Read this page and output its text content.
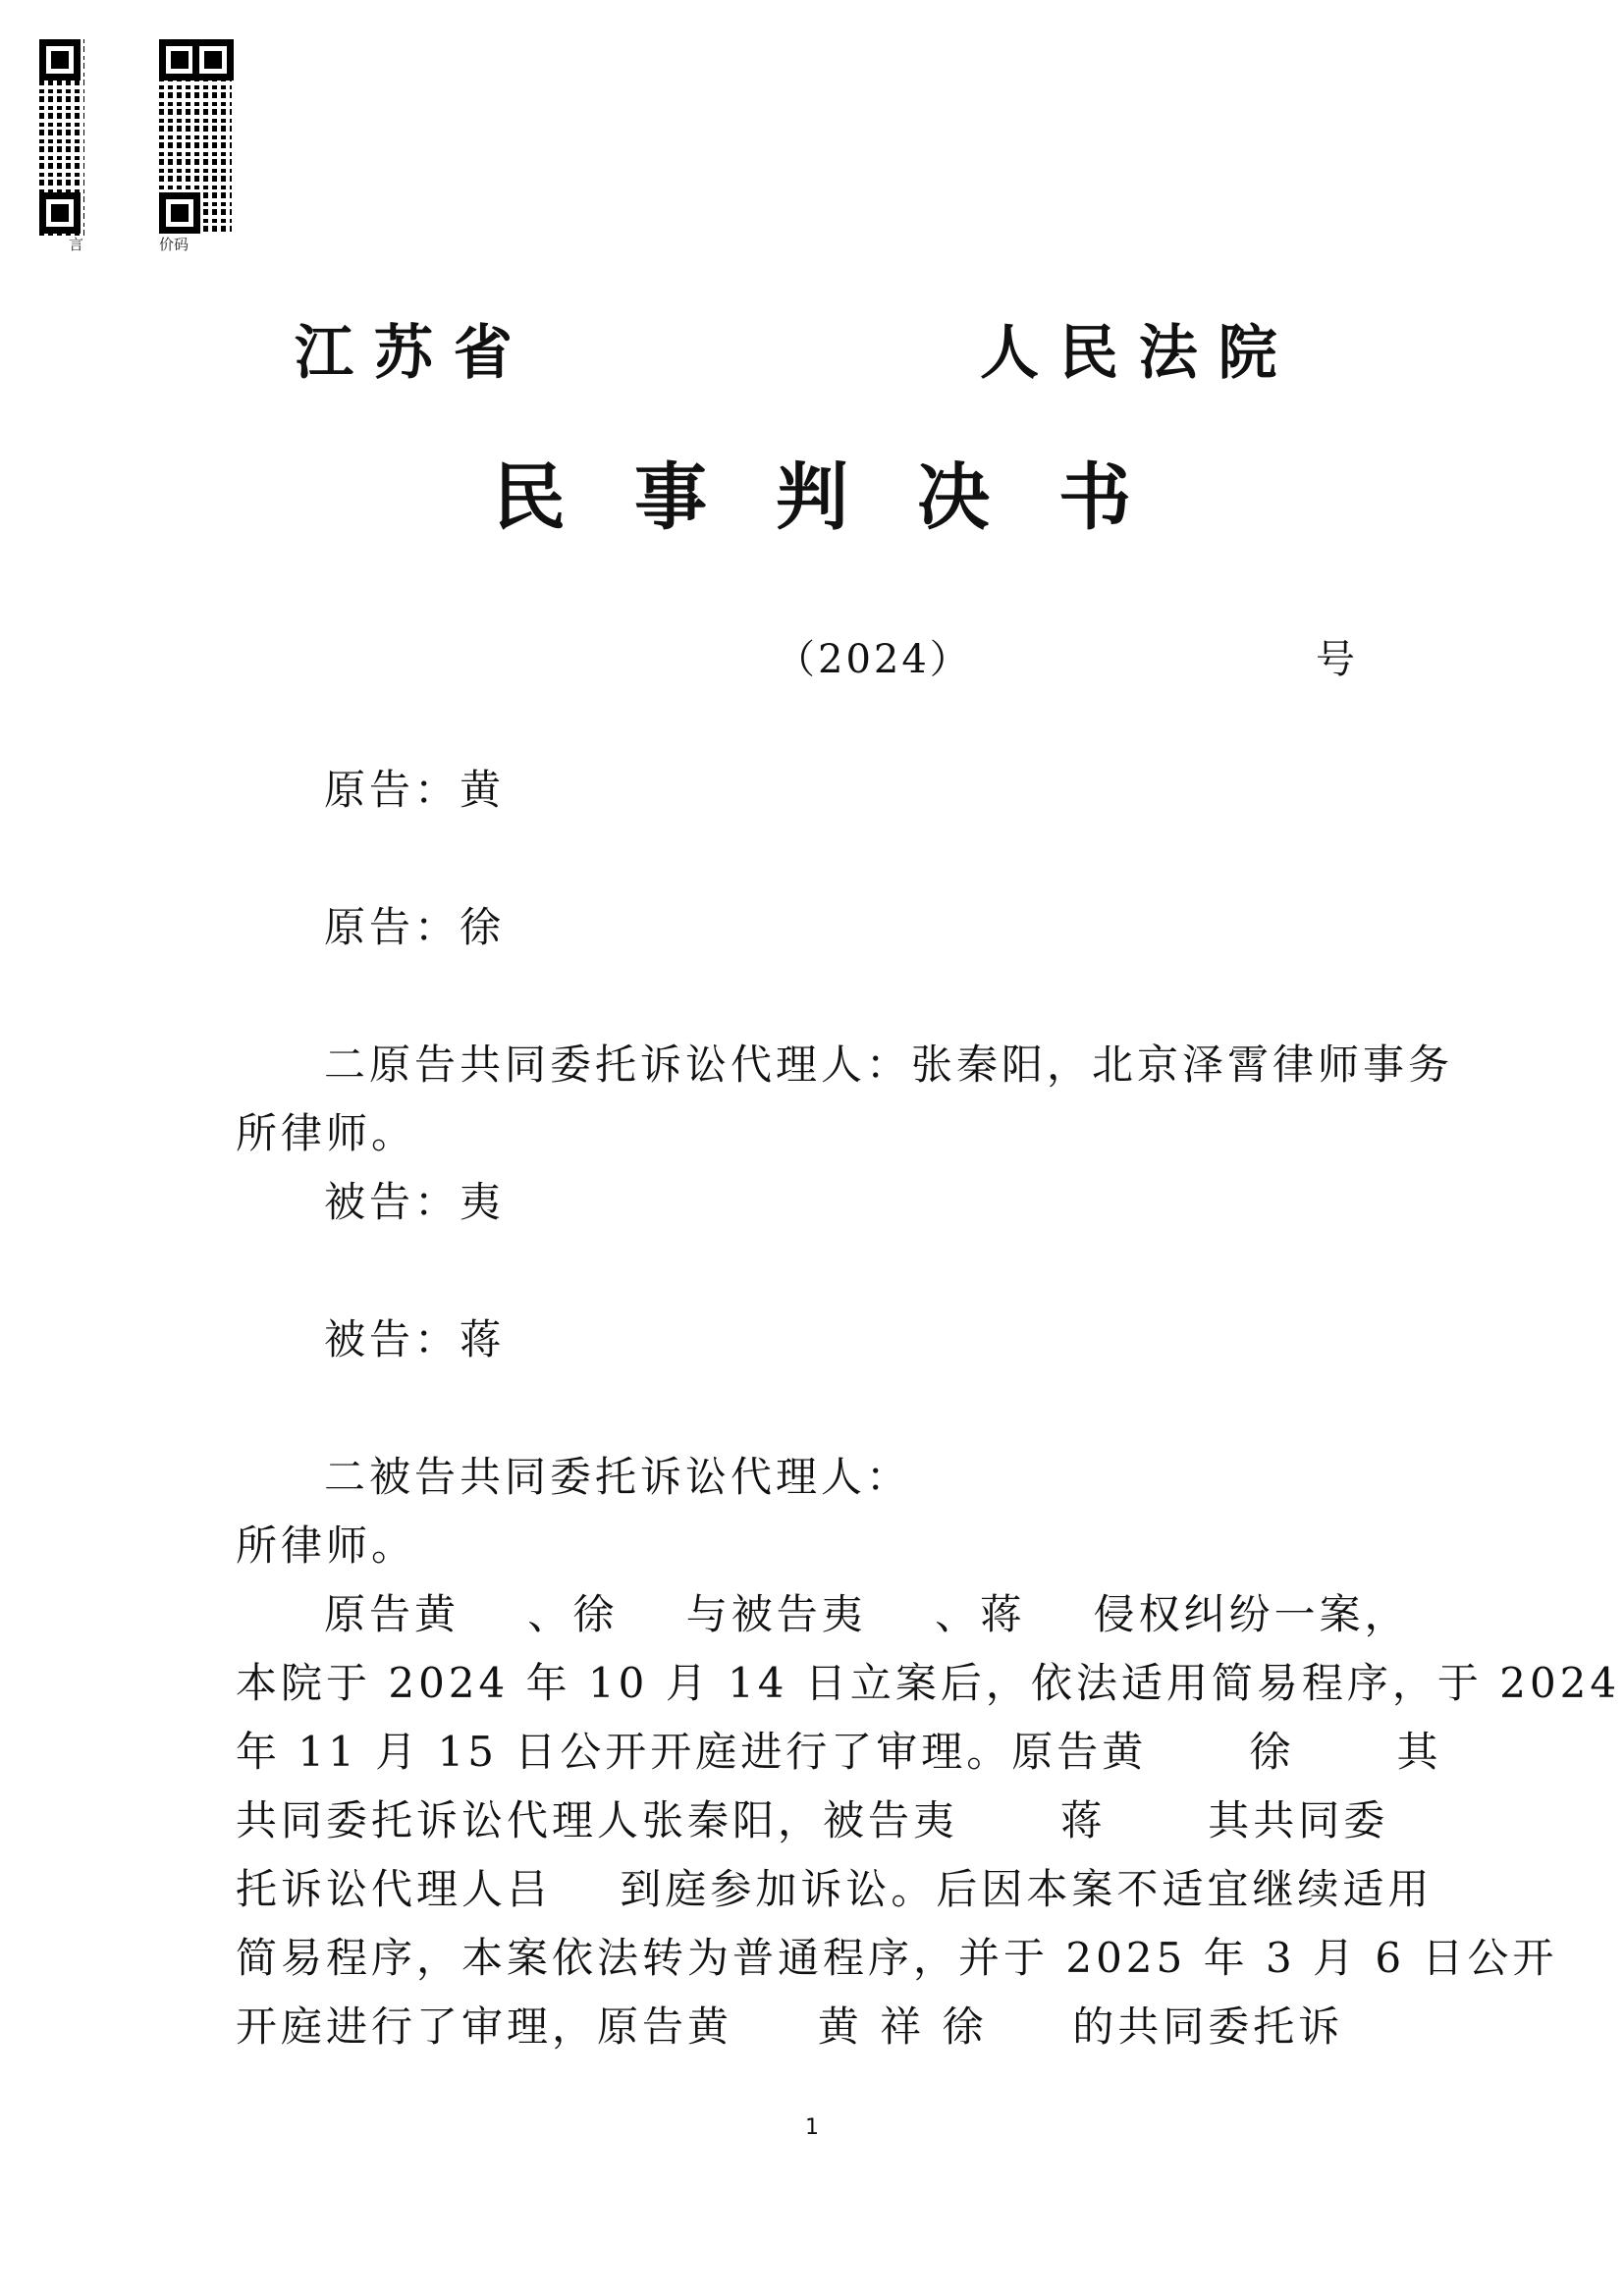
言	价码
江 苏 省	人 民 法 院
民事判决书
（2024）	号
原告：黄
原告：徐
二原告共同委托诉讼代理人：张秦阳，北京泽霄律师事务
所律师。
被告：夷
被告：蒋
二被告共同委托诉讼代理人：
所律师。
原告黄    、徐    与被告夷    、蒋    侵权纠纷一案，
本院于 2024 年 10 月 14 日立案后，依法适用简易程序，于 2024
年 11 月 15 日公开开庭进行了审理。原告黄      徐      其
共同委托诉讼代理人张秦阳，被告夷      蒋      其共同委
托诉讼代理人吕    到庭参加诉讼。后因本案不适宜继续适用
简易程序，本案依法转为普通程序，并于 2025 年 3 月 6 日公开
开庭进行了审理，原告黄     黄 祥 徐     的共同委托诉
1
